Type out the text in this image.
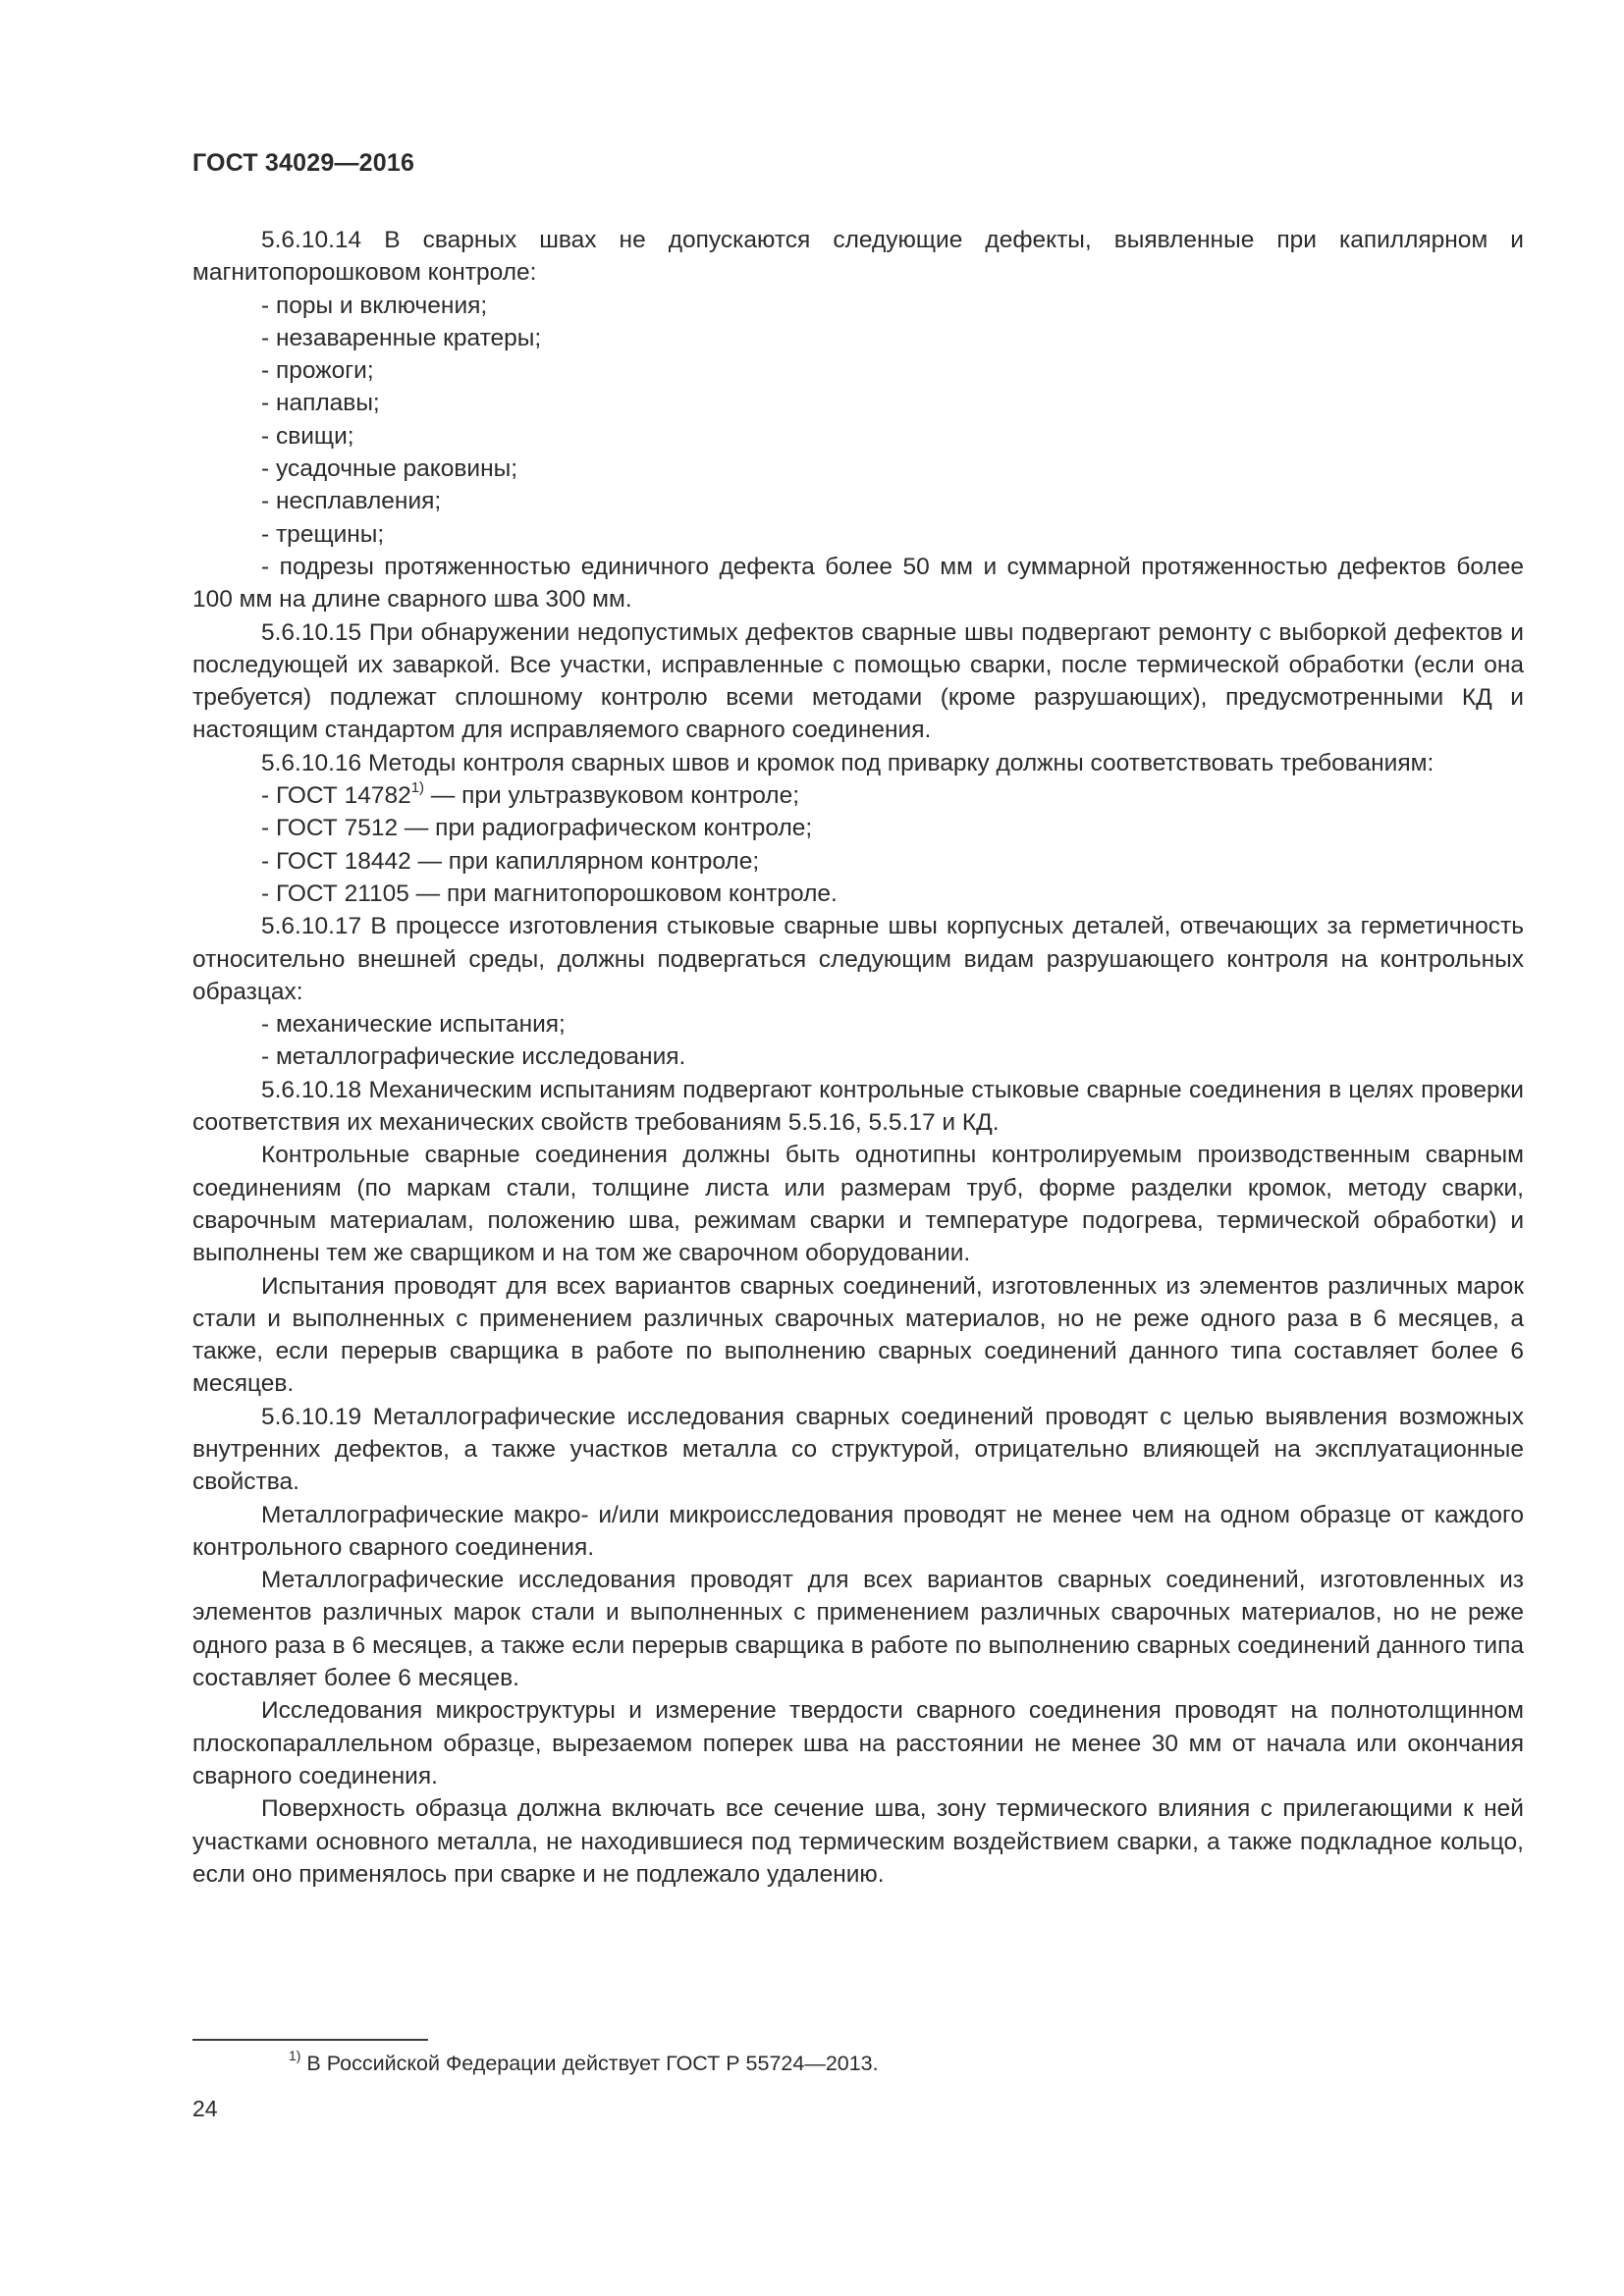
ГОСТ 34029—2016

5.6.10.14 В сварных швах не допускаются следующие дефекты, выявленные при капиллярном и магнитопорошковом контроле:

- поры и включения;

- незаваренные кратеры;

- прожоги;

- наплавы;

- свищи;

- усадочные раковины;

- несплавления;

- трещины;

- подрезы протяженностью единичного дефекта более 50 мм и суммарной протяженностью дефектов более 100 мм на длине сварного шва 300 мм.

5.6.10.15 При обнаружении недопустимых дефектов сварные швы подвергают ремонту с выборкой дефектов и последующей их заваркой. Все участки, исправленные с помощью сварки, после термической обработки (если она требуется) подлежат сплошному контролю всеми методами (кроме разрушающих), предусмотренными КД и настоящим стандартом для исправляемого сварного соединения.

5.6.10.16 Методы контроля сварных швов и кромок под приварку должны соответствовать требованиям:

- ГОСТ 14782$^{1)}$ — при ультразвуковом контроле;

- ГОСТ 7512 — при радиографическом контроле;

- ГОСТ 18442 — при капиллярном контроле;

- ГОСТ 21105 — при магнитопорошковом контроле.

5.6.10.17 В процессе изготовления стыковые сварные швы корпусных деталей, отвечающих за герметичность относительно внешней среды, должны подвергаться следующим видам разрушающего контроля на контрольных образцах:

- механические испытания;

- металлографические исследования.

5.6.10.18 Механическим испытаниям подвергают контрольные стыковые сварные соединения в целях проверки соответствия их механических свойств требованиям 5.5.16, 5.5.17 и КД.

Контрольные сварные соединения должны быть однотипны контролируемым производственным сварным соединениям (по маркам стали, толщине листа или размерам труб, форме разделки кромок, методу сварки, сварочным материалам, положению шва, режимам сварки и температуре подогрева, термической обработки) и выполнены тем же сварщиком и на том же сварочном оборудовании.

Испытания проводят для всех вариантов сварных соединений, изготовленных из элементов различных марок стали и выполненных с применением различных сварочных материалов, но не реже одного раза в 6 месяцев, а также, если перерыв сварщика в работе по выполнению сварных соединений данного типа составляет более 6 месяцев.

5.6.10.19 Металлографические исследования сварных соединений проводят с целью выявления возможных внутренних дефектов, а также участков металла со структурой, отрицательно влияющей на эксплуатационные свойства.

Металлографические макро- и/или микроисследования проводят не менее чем на одном образце от каждого контрольного сварного соединения.

Металлографические исследования проводят для всех вариантов сварных соединений, изготовленных из элементов различных марок стали и выполненных с применением различных сварочных материалов, но не реже одного раза в 6 месяцев, а также если перерыв сварщика в работе по выполнению сварных соединений данного типа составляет более 6 месяцев.

Исследования микроструктуры и измерение твердости сварного соединения проводят на полнотолщинном плоскопараллельном образце, вырезаемом поперек шва на расстоянии не менее 30 мм от начала или окончания сварного соединения.

Поверхность образца должна включать все сечение шва, зону термического влияния с прилегающими к ней участками основного металла, не находившиеся под термическим воздействием сварки, а также подкладное кольцо, если оно применялось при сварке и не подлежало удалению.

$^{1)}$ В Российской Федерации действует ГОСТ Р 55724—2013.
24
